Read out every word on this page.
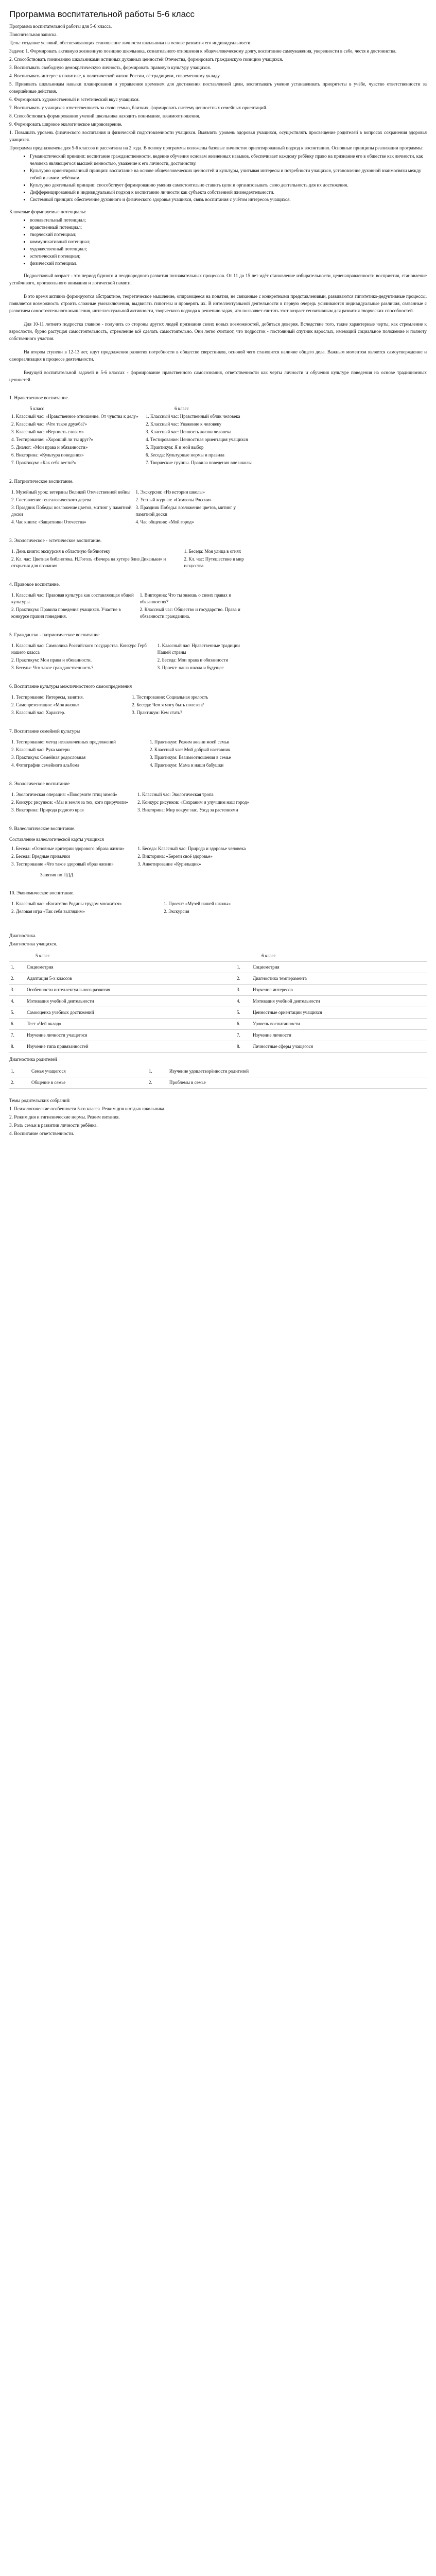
Программа воспитательной работы 5-6 класс
Программа воспитательной работы для 5-6 класса.
Пояснительная записка.
Цель: создание условий, обеспечивающих становление личности школьника на основе развития его индивидуальности.
Задачи: 1. Формировать активную жизненную позицию школьника, сознательного отношения к общечеловеческому долгу, воспитание самоуважения, уверенности в себе, честя и достоинства.
2. Способствовать пониманию школьниками истинных духовных ценностей Отечества, формировать гражданскую позицию учащихся.
3. Воспитывать свободную демократическую личность, формировать правовую культуру учащихся.
4. Воспитывать интерес к политике, к политической жизни России, её традициям, современному укладу.
5. Прививать школьникам навыки планирования и управления временем для достижения поставленной цели, воспитывать умение устанавливать приоритеты в учёбе, чувство ответственности за совершённые действия.
6. Формировать художественный и эстетический вкус учащихся.
7. Воспитывать у учащихся ответственность за свою семью, близких, формировать систему ценностных семейных ориентаций.
8. Способствовать формированию умений школьника находить понимание, взаимоотношения.
9. Формировать широкое экологическое мировоззрение.
1. Повышать уровень физического воспитания и физической подготовленности учащихся. Выявлять уровень здоровья учащихся, осуществлять просвещение родителей в вопросах сохранения здоровья учащихся.
Программа предназначена для 5-6 классов и рассчитана на 2 года. В основу программы положены базовые личностно ориентированный подход к воспитанию. Основные принципы реализации программы:
• Гуманистический принцип: воспитание гражданственности, ведение обучения основам жизненных навыков, обеспечивает каждому ребёнку право на признание его в обществе как личности, как человека являющегося высшей ценностью, уважение к его личности, достоинству.
• Культурно ориентированный принцип: воспитание на основе общечеловеческих ценностей и культуры, учитывая интересы и потребности учащихся, установление духовной взаимосвязи между собой и самим ребёнком.
• Культурно деятельный принцип: способствует формированию умения самостоятельно ставить цели и организовывать свою деятельность для их достижения.
• Дифференцированный и индивидуальный подход к воспитанию личности как субъекта собственной жизнедеятельности.
• Системный принцип: обеспечение духовного и физического здоровья учащихся, связь воспитания с учётом интересов учащихся.
Ключевые формируемые потенциалы:
• познавательный потенциал;
• нравственный потенциал;
• творческий потенциал;
• коммуникативный потенциал;
• художественный потенциал;
• эстетический потенциал;
• физический потенциал.
Подростковый возраст - это период бурного и неоднородного развития познавательных процессов. От 11 до 15 лет идёт становление избирательности, целенаправленности восприятия, становление устойчивого, произвольного внимания и логической памяти.
В это время активно формируются абстрактное, теоретическое мышление, опирающееся на понятия, не связанные с конкретными представлениями, развиваются гипотетико-дедуктивные процессы, появляется возможность строить сложные умозаключения, выдвигать гипотезы и проверять их. В интеллектуальной деятельности в первую очередь усиливаются индивидуальные различия, связанные с развитием самостоятельного мышления, интеллектуальной активности, творческого подхода к решению задач, что позволяет считать этот возраст сензитивным для развития творческих способностей.
Для 10-11 летнего подростка главное - получить со стороны других людей признание своих новых возможностей, добиться доверия. Вследствие того, такие характерные черты, как стремление к взрослости, бурно растущая самостоятельность, стремление всё сделать самостоятельно. Они легко считают, что подросток - постоянный спутник взрослых, имеющий социальное положение и полноту собственного участия.
На втором ступени в 12-13 лет, идут продолжения развития потребности в обществе сверстников, основой чего становится наличие общего дела. Важным моментом является самоутверждение и самореализация в процессе деятельности.
Ведущей воспитательной задачей в 5-6 классах - формирование нравственного самосознания, ответственности как черты личности и обучения культуре поведения на основе традиционных ценностей.
1. Нравственное воспитание.
5 класс	6 класс
1. Классный час: «Нравственное отношение. От чувства к делу»	1. Классный час: Нравственный облик человека
2. Классный час: «Что такое дружба?»	2. Классный час: Уважение к человеку
3. Классный час: «Верность словам»	3. Классный час: Ценность жизни человека
4. Тестирование: «Хороший ли ты друг?»	4. Тестирование: Ценностная ориентация учащихся
5. Диалог: «Мои права и обязанности»	5. Практикум: Я и мой выбор
6. Викторина: «Культура поведения»	6. Беседа: Культурные нормы и правила
7. Практикум: «Как себя вести?»	7. Творческие группы. Правила поведения вне школы
2. Патриотическое воспитание.
1. Музейный урок: ветераны Великой Отечественной войны	1. Экскурсия: «Из истории школы»
2. Составление генеалогического дерева	2. Устный журнал: «Символы России»
3. Праздник Победы: возложение цветов, митинг у памятной доски	3. Праздник Победы: возложение цветов, митинг у памятной доски
4. Час книги: «Защитники Отечества»	4. Час общения: «Мой город»
3. Экологическое - эстетическое воспитание.
1. День книги: экскурсия в областную библиотеку	1. Беседа: Моя улица в огнях
2. Кл. час: Цветная библиотека. Н.Гоголь «Вечера на хуторе близ Диканьки» и открытия для познания	2. Кл. час: Путешествие в мир искусства
4. Правовое воспитание.
1. Классный час: Правовая культура как составляющая общей культуры.	1. Викторина: Что ты знаешь о своих правах и обязанностях?
2. Практикум: Правила поведения учащихся. Участие в конкурсе правил поведения.	2. Классный час: Общество и государство. Права и обязанности гражданина.
5. Гражданско - патриотическое воспитание
1. Классный час: Символика Российского государства. Конкурс Герб нашего класса	1. Классный час: Нравственные традиции Нашей страны
2. Практикум: Мои права и обязанности.	2. Беседа: Мои права и обязанности
3. Беседы: Что такое гражданственность?	3. Проект: наша школа и будущее
6. Воспитание культуры межличностного самоопределения
1. Тестирование: Интересы, занятия.	1. Тестирование: Социальная зрелость
2. Самопрезентация: «Моя жизнь»	2. Беседа: Чем я могу быть полезен?
3. Классный час: Характер.	3. Практикум: Кем стать?
7. Воспитание семейной культуры
1. Тестирование: метод незаконченных предложений	1. Практикум: Режим жизни моей семьи
2. Классный час: Рука матери	2. Классный час: Мой добрый наставник
3. Практикум: Семейная родословная	3. Практикум: Взаимоотношения в семье
4. Фотографии семейного альбома	4. Практикум: Мама и наши бабушки
8. Экологическое воспитание
1. Экологическая операция: «Покормите птиц зимой»	1. Классный час: Экологическая тропа
2. Конкурс рисунков: «Мы и земля за тех, кого приручили»	2. Конкурс рисунков: «Сохраним и улучшим наш город»
3. Викторина: Природа родного края	3. Викторина: Мир вокруг нас. Уход за растениями
9. Валеологическое воспитание.
Составление валеологической карты учащихся
1. Беседа: «Основные критерии здорового образа жизни»	1. Беседа: Классный час: Природа и здоровье человека
2. Беседа: Вредные привычки	2. Викторина: «Береги своё здоровье»
3. Тестирование «Что такое здоровый образ жизни»	3. Анкетирование «Курильщик»
Занятия по ПДД.
10. Экономическое воспитание.
1. Классный час: «Богатство Родины трудом множится»	1. Проект: «Музей нашей школы»
2. Деловая игра «Так себя выглядим»	2. Экскурсия
Диагностика.
Диагностика учащихся.
	5 класс		6 класс
1.	Социометрия	1.	Социометрия
2.	Адаптация 5-х классов	2.	Диагностика темперамента
3.	Особенности интеллектуального развития	3.	Изучение интересов
4.	Мотивация учебной деятельности	4.	Мотивация учебной деятельности
5.	Самооценка учебных достижений	5.	Ценностные ориентации учащихся
6.	Тест «Чей вклад»	6.	Уровень воспитанности
7.	Изучение личности учащегося	7.	Изучение личности
8.	Изучение типа привязанностей	8.	Личностные сферы учащегося
Диагностика родителей
1.	Семья учащегося	1.	Изучение удовлетворённости родителей
2.	Общение в семье	2.	Проблемы в семье
Темы родительских собраний:
1. Психологические особенности 5-го класса. Режим дня и отдых школьника.
2. Режим дня и гигиенические нормы. Режим питания.
3. Роль семьи в развитии личности ребёнка.
4. Воспитание ответственности.
